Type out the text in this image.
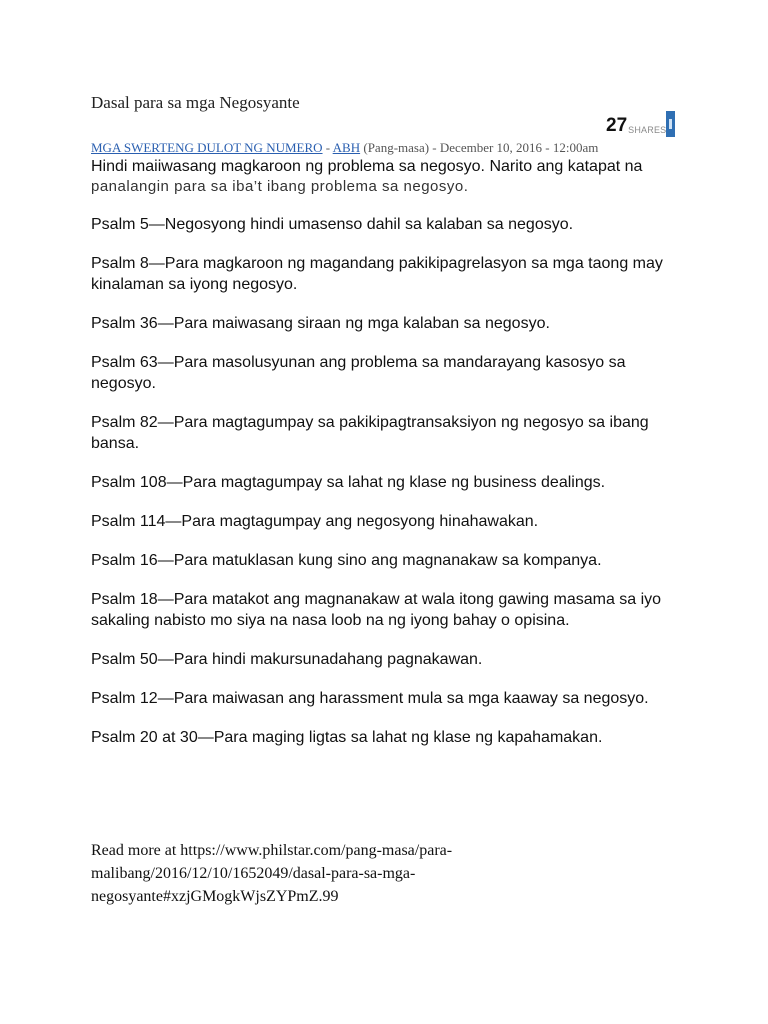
Dasal para sa mga Negosyante
27 SHARES
MGA SWERTENG DULOT NG NUMERO - ABH (Pang-masa) - December 10, 2016 - 12:00am
Hindi maiiwasang magkaroon ng problema sa negosyo. Narito ang katapat na
panalangin para sa iba’t ibang problema sa negosyo.
Psalm 5—Negosyong hindi umasenso dahil sa kalaban sa negosyo.
Psalm 8—Para magkaroon ng magandang pakikipagrelasyon sa mga taong may kinalaman sa iyong negosyo.
Psalm 36—Para maiwasang siraan ng mga kalaban sa negosyo.
Psalm 63—Para masolusyunan ang problema sa mandarayang kasosyo sa negosyo.
Psalm 82—Para magtagumpay sa pakikipagtransaksiyon ng negosyo sa ibang bansa.
Psalm 108—Para magtagumpay sa lahat ng klase ng business dealings.
Psalm 114—Para magtagumpay ang negosyong hinahawakan.
Psalm 16—Para matuklasan kung sino ang magnanakaw sa kompanya.
Psalm 18—Para matakot ang magnanakaw at wala itong gawing masama sa iyo sakaling nabisto mo siya na nasa loob na ng iyong bahay o opisina.
Psalm 50—Para hindi makursunadahang pagnakawan.
Psalm 12—Para maiwasan ang harassment mula sa mga kaaway sa negosyo.
Psalm 20 at 30—Para maging ligtas sa lahat ng klase ng kapahamakan.
Read more at https://www.philstar.com/pang-masa/para-malibang/2016/12/10/1652049/dasal-para-sa-mga-negosyante#xzjGMogkWjsZYPmZ.99
